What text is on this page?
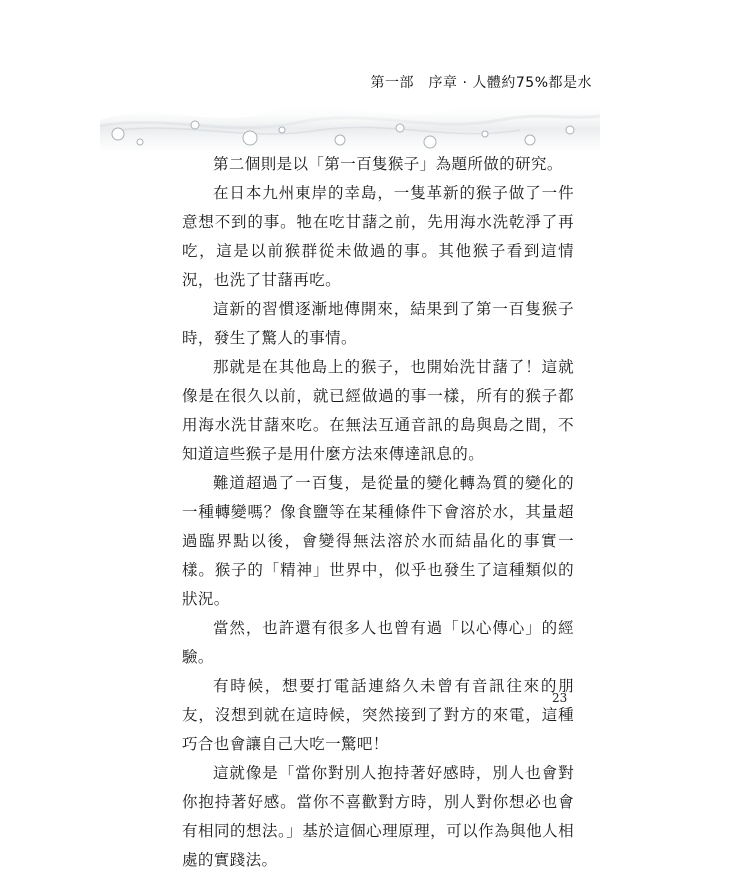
第一部　序章 · 人體約75%都是水

第二個則是以「第一百隻猴子」為題所做的研究。

在日本九州東岸的幸島，一隻革新的猴子做了一件意想不到的事。牠在吃甘藷之前，先用海水洗乾淨了再吃，這是以前猴群從未做過的事。其他猴子看到這情況，也洗了甘藷再吃。

這新的習慣逐漸地傳開來，結果到了第一百隻猴子時，發生了驚人的事情。

那就是在其他島上的猴子，也開始洗甘藷了！這就像是在很久以前，就已經做過的事一樣，所有的猴子都用海水洗甘藷來吃。在無法互通音訊的島與島之間，不知道這些猴子是用什麼方法來傳達訊息的。

難道超過了一百隻，是從量的變化轉為質的變化的一種轉變嗎？像食鹽等在某種條件下會溶於水，其量超過臨界點以後，會變得無法溶於水而結晶化的事實一樣。猴子的「精神」世界中，似乎也發生了這種類似的狀況。

當然，也許還有很多人也曾有過「以心傳心」的經驗。

有時候，想要打電話連絡久未曾有音訊往來的朋友，沒想到就在這時候，突然接到了對方的來電，這種巧合也會讓自己大吃一驚吧！

這就像是「當你對別人抱持著好感時，別人也會對你抱持著好感。當你不喜歡對方時，別人對你想必也會有相同的想法。」基於這個心理原理，可以作為與他人相處的實踐法。

23
